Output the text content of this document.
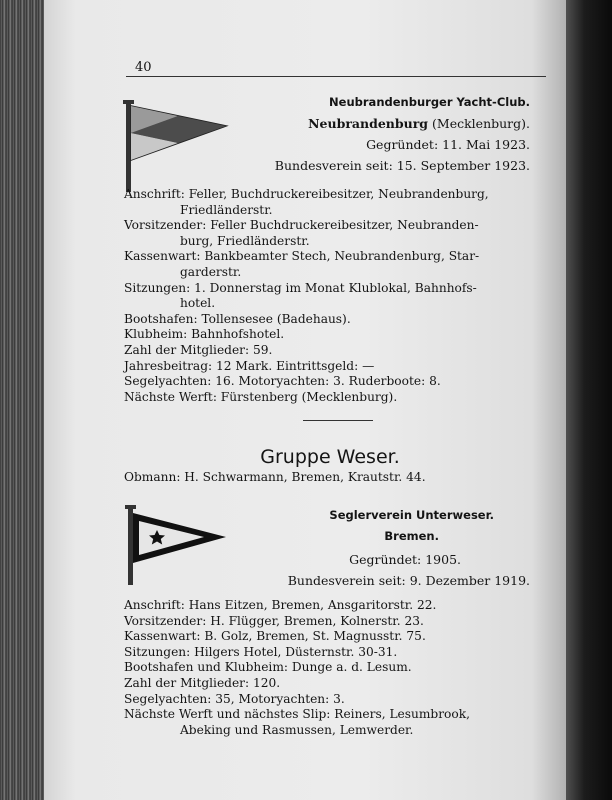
40
Neubrandenburger Yacht-Club.
Neubrandenburg (Mecklenburg).
Gegründet: 11. Mai 1923.
Bundesverein seit: 15. September 1923.
Anschrift: Feller, Buchdruckereibesitzer, Neubrandenburg,
Friedländerstr.
Vorsitzender: Feller Buchdruckereibesitzer, Neubranden-
burg, Friedländerstr.
Kassenwart: Bankbeamter Stech, Neubrandenburg, Star-
garderstr.
Sitzungen: 1. Donnerstag im Monat Klublokal, Bahnhofs-
hotel.
Bootshafen: Tollensesee (Badehaus).
Klubheim: Bahnhofshotel.
Zahl der Mitglieder: 59.
Jahresbeitrag: 12 Mark. Eintrittsgeld: —
Segelyachten: 16. Motoryachten: 3. Ruderboote: 8.
Nächste Werft: Fürstenberg (Mecklenburg).
Gruppe Weser.
Obmann: H. Schwarmann, Bremen, Krautstr. 44.
Seglerverein Unterweser.
Bremen.
Gegründet: 1905.
Bundesverein seit: 9. Dezember 1919.
Anschrift: Hans Eitzen, Bremen, Ansgaritorstr. 22.
Vorsitzender: H. Flügger, Bremen, Kolnerstr. 23.
Kassenwart: B. Golz, Bremen, St. Magnusstr. 75.
Sitzungen: Hilgers Hotel, Düsternstr. 30-31.
Bootshafen und Klubheim: Dunge a. d. Lesum.
Zahl der Mitglieder: 120.
Segelyachten: 35, Motoryachten: 3.
Nächste Werft und nächstes Slip: Reiners, Lesumbrook,
Abeking und Rasmussen, Lemwerder.
